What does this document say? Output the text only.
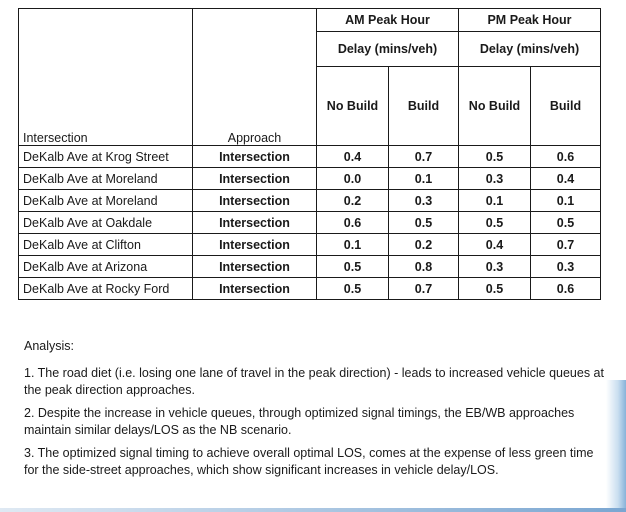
Intersection	Approach	AM Peak Hour		PM Peak Hour	
		Delay (mins/veh)		Delay (mins/veh)	
		No Build	Build	No Build	Build

DeKalb Ave at Krog Street	Intersection	0.4	0.7	0.5	0.6
DeKalb Ave at Moreland	Intersection	0.0	0.1	0.3	0.4
DeKalb Ave at Moreland	Intersection	0.2	0.3	0.1	0.1
DeKalb Ave at Oakdale	Intersection	0.6	0.5	0.5	0.5
DeKalb Ave at Clifton	Intersection	0.1	0.2	0.4	0.7
DeKalb Ave at Arizona	Intersection	0.5	0.8	0.3	0.3
DeKalb Ave at Rocky Ford	Intersection	0.5	0.7	0.5	0.6

Analysis:

1. The road diet (i.e. losing one lane of travel in the peak direction) - leads to increased vehicle queues at the peak direction approaches.

2. Despite the increase in vehicle queues, through optimized signal timings, the EB/WB approaches maintain similar delays/LOS as the NB scenario.

3. The optimized signal timing to achieve overall optimal LOS, comes at the expense of less green time for the side-street approaches, which show significant increases in vehicle delay/LOS.
